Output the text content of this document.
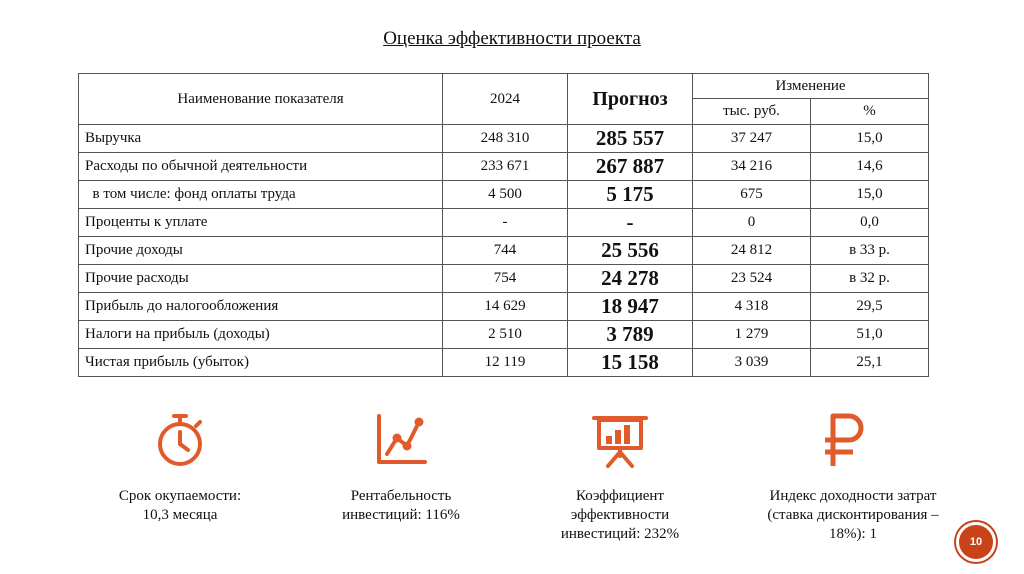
Оценка эффективности проекта
Наименование показателя	2024	Прогноз	Изменение	
			тыс. руб.	%
Выручка	248 310	285 557	37 247	15,0
Расходы по обычной деятельности	233 671	267 887	34 216	14,6
в том числе: фонд оплаты труда	4 500	5 175	675	15,0
Проценты к уплате	-	-	0	0,0
Прочие доходы	744	25 556	24 812	в 33 р.
Прочие расходы	754	24 278	23 524	в 32 р.
Прибыль до налогообложения	14 629	18 947	4 318	29,5
Налоги на прибыль (доходы)	2 510	3 789	1 279	51,0
Чистая прибыль (убыток)	12 119	15 158	3 039	25,1
Срок окупаемости:
10,3 месяца
Рентабельность
инвестиций: 116%
Коэффициент
эффективности
инвестиций: 232%
Индекс доходности затрат
(ставка дисконтирования –
18%): 1	10
